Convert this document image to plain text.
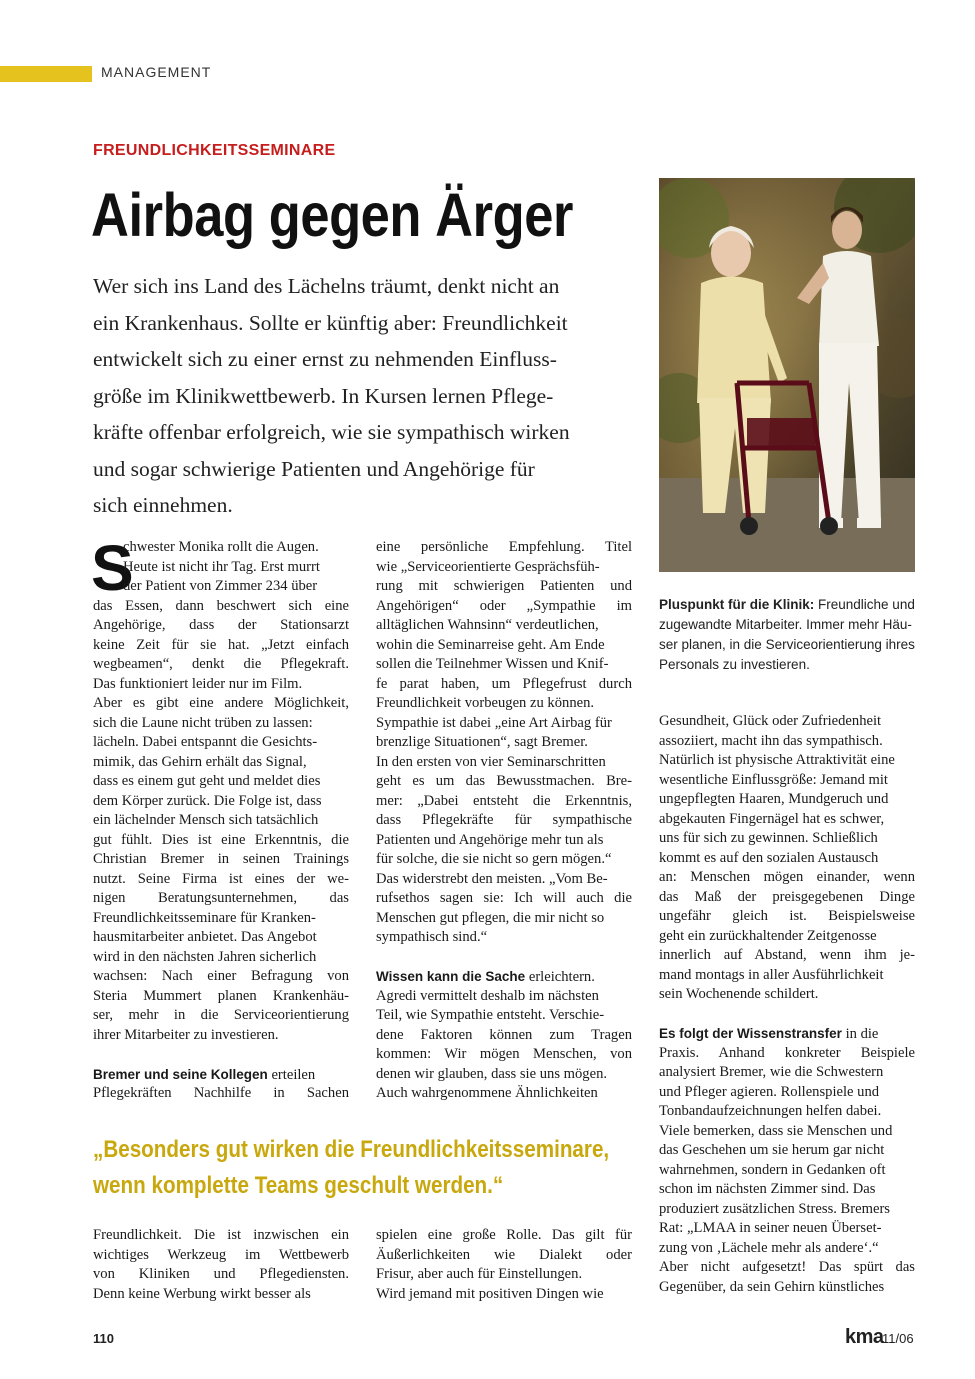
MANAGEMENT
FREUNDLICHKEITSSEMINARE
Airbag gegen Ärger
Wer sich ins Land des Lächelns träumt, denkt nicht an
ein Krankenhaus. Sollte er künftig aber: Freundlichkeit
entwickelt sich zu einer ernst zu nehmenden Einfluss-
größe im Klinikwettbewerb. In Kursen lernen Pflege-
kräfte offenbar erfolgreich, wie sie sympathisch wirken
und sogar schwierige Patienten und Angehörige für
sich einnehmen.
Pluspunkt für die Klinik: Freundliche und
zugewandte Mitarbeiter. Immer mehr Häu-
ser planen, in die Serviceorientierung ihres
Personals zu investieren.
S
chwester Monika rollt die Augen.
Heute ist nicht ihr Tag. Erst murrt
der Patient von Zimmer 234 über
das Essen, dann beschwert sich eine
Angehörige, dass der Stationsarzt
keine Zeit für sie hat. „Jetzt einfach
wegbeamen“, denkt die Pflegekraft.
Das funktioniert leider nur im Film.
Aber es gibt eine andere Möglichkeit,
sich die Laune nicht trüben zu lassen:
lächeln. Dabei entspannt die Gesichts-
mimik, das Gehirn erhält das Signal,
dass es einem gut geht und meldet dies
dem Körper zurück. Die Folge ist, dass
ein lächelnder Mensch sich tatsächlich
gut fühlt. Dies ist eine Erkenntnis, die
Christian Bremer in seinen Trainings
nutzt. Seine Firma ist eines der we-
nigen Beratungsunternehmen, das
Freundlichkeitsseminare für Kranken-
hausmitarbeiter anbietet. Das Angebot
wird in den nächsten Jahren sicherlich
wachsen: Nach einer Befragung von
Steria Mummert planen Krankenhäu-
ser, mehr in die Serviceorientierung
ihrer Mitarbeiter zu investieren.
Bremer und seine Kollegen erteilen
Pflegekräften Nachhilfe in Sachen
eine persönliche Empfehlung. Titel
wie „Serviceorientierte Gesprächsfüh-
rung mit schwierigen Patienten und
Angehörigen“ oder „Sympathie im
alltäglichen Wahnsinn“ verdeutlichen,
wohin die Seminarreise geht. Am Ende
sollen die Teilnehmer Wissen und Knif-
fe parat haben, um Pflegefrust durch
Freundlichkeit vorbeugen zu können.
Sympathie ist dabei „eine Art Airbag für
brenzlige Situationen“, sagt Bremer.
In den ersten von vier Seminarschritten
geht es um das Bewusstmachen. Bre-
mer: „Dabei entsteht die Erkenntnis,
dass Pflegekräfte für sympathische
Patienten und Angehörige mehr tun als
für solche, die sie nicht so gern mögen.“
Das widerstrebt den meisten. „Vom Be-
rufsethos sagen sie: Ich will auch die
Menschen gut pflegen, die mir nicht so
sympathisch sind.“
Wissen kann die Sache erleichtern.
Agredi vermittelt deshalb im nächsten
Teil, wie Sympathie entsteht. Verschie-
dene Faktoren können zum Tragen
kommen: Wir mögen Menschen, von
denen wir glauben, dass sie uns mögen.
Auch wahrgenommene Ähnlichkeiten
Gesundheit, Glück oder Zufriedenheit
assoziiert, macht ihn das sympathisch.
Natürlich ist physische Attraktivität eine
wesentliche Einflussgröße: Jemand mit
ungepflegten Haaren, Mundgeruch und
abgekauten Fingernägel hat es schwer,
uns für sich zu gewinnen. Schließlich
kommt es auf den sozialen Austausch
an: Menschen mögen einander, wenn
das Maß der preisgegebenen Dinge
ungefähr gleich ist. Beispielsweise
geht ein zurückhaltender Zeitgenosse
innerlich auf Abstand, wenn ihm je-
mand montags in aller Ausführlichkeit
sein Wochenende schildert.
Es folgt der Wissenstransfer in die
Praxis. Anhand konkreter Beispiele
analysiert Bremer, wie die Schwestern
und Pfleger agieren. Rollenspiele und
Tonbandaufzeichnungen helfen dabei.
Viele bemerken, dass sie Menschen und
das Geschehen um sie herum gar nicht
wahrnehmen, sondern in Gedanken oft
schon im nächsten Zimmer sind. Das
produziert zusätzlichen Stress. Bremers
Rat: „LMAA in seiner neuen Überset-
zung von ‚Lächele mehr als andere‘.“
Aber nicht aufgesetzt! Das spürt das
Gegenüber, da sein Gehirn künstliches
„Besonders gut wirken die Freundlichkeitsseminare,
wenn komplette Teams geschult werden.“
Freundlichkeit. Die ist inzwischen ein
wichtiges Werkzeug im Wettbewerb
von Kliniken und Pflegediensten.
Denn keine Werbung wirkt besser als
spielen eine große Rolle. Das gilt für
Äußerlichkeiten wie Dialekt oder
Frisur, aber auch für Einstellungen.
Wird jemand mit positiven Dingen wie
110	kma
11/06
